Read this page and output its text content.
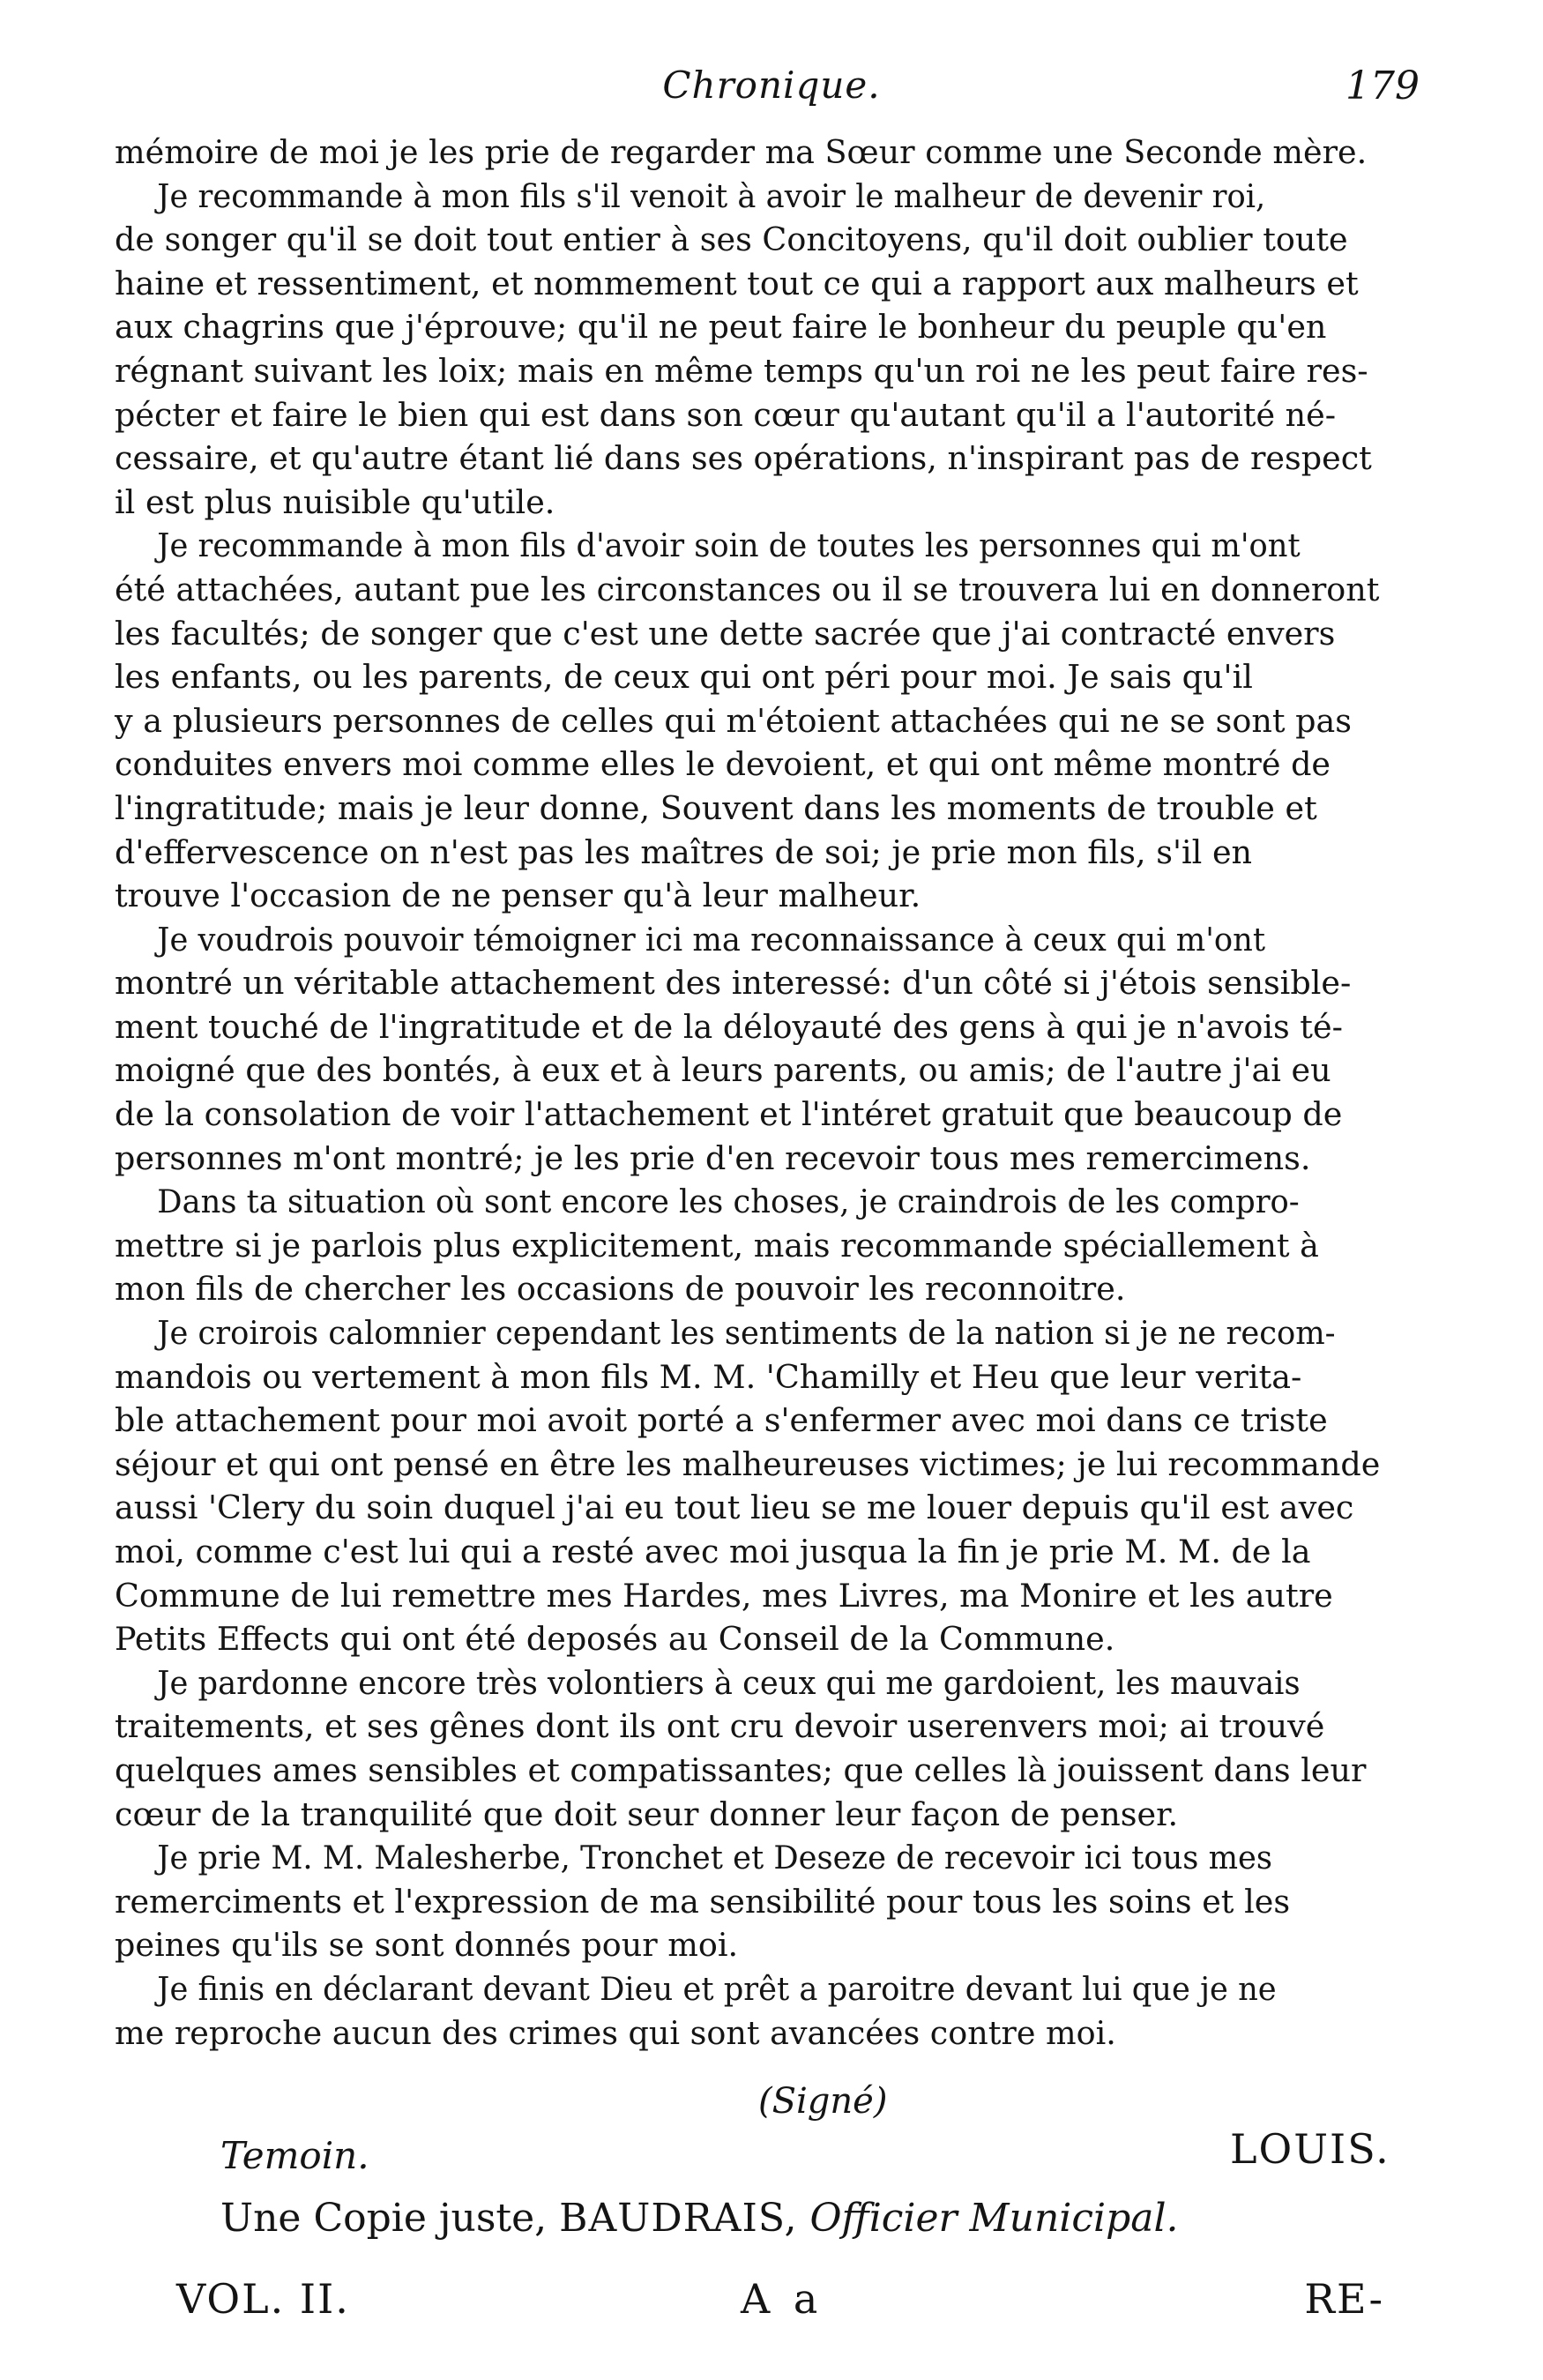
Chronique.	179
mémoire de moi je les prie de regarder ma Sœur comme une Seconde mère.
Je recommande à mon fils s'il venoit à avoir le malheur de devenir roi,
de songer qu'il se doit tout entier à ses Concitoyens, qu'il doit oublier toute
haine et ressentiment, et nommement tout ce qui a rapport aux malheurs et
aux chagrins que j'éprouve; qu'il ne peut faire le bonheur du peuple qu'en
régnant suivant les loix; mais en même temps qu'un roi ne les peut faire res-
pécter et faire le bien qui est dans son cœur qu'autant qu'il a l'autorité né-
cessaire, et qu'autre étant lié dans ses opérations, n'inspirant pas de respect
il est plus nuisible qu'utile.
Je recommande à mon fils d'avoir soin de toutes les personnes qui m'ont
été attachées, autant pue les circonstances ou il se trouvera lui en donneront
les facultés; de songer que c'est une dette sacrée que j'ai contracté envers
les enfants, ou les parents, de ceux qui ont péri pour moi. Je sais qu'il
y a plusieurs personnes de celles qui m'étoient attachées qui ne se sont pas
conduites envers moi comme elles le devoient, et qui ont même montré de
l'ingratitude; mais je leur donne, Souvent dans les moments de trouble et
d'effervescence on n'est pas les maîtres de soi; je prie mon fils, s'il en
trouve l'occasion de ne penser qu'à leur malheur.
Je voudrois pouvoir témoigner ici ma reconnaissance à ceux qui m'ont
montré un véritable attachement des interessé: d'un côté si j'étois sensible-
ment touché de l'ingratitude et de la déloyauté des gens à qui je n'avois té-
moigné que des bontés, à eux et à leurs parents, ou amis; de l'autre j'ai eu
de la consolation de voir l'attachement et l'intéret gratuit que beaucoup de
personnes m'ont montré; je les prie d'en recevoir tous mes remercimens.
Dans ta situation où sont encore les choses, je craindrois de les compro-
mettre si je parlois plus explicitement, mais recommande spéciallement à
mon fils de chercher les occasions de pouvoir les reconnoitre.
Je croirois calomnier cependant les sentiments de la nation si je ne recom-
mandois ou vertement à mon fils M. M. 'Chamilly et Heu que leur verita-
ble attachement pour moi avoit porté a s'enfermer avec moi dans ce triste
séjour et qui ont pensé en être les malheureuses victimes; je lui recommande
aussi 'Clery du soin duquel j'ai eu tout lieu se me louer depuis qu'il est avec
moi, comme c'est lui qui a resté avec moi jusqua la fin je prie M. M. de la
Commune de lui remettre mes Hardes, mes Livres, ma Monire et les autre
Petits Effects qui ont été deposés au Conseil de la Commune.
Je pardonne encore très volontiers à ceux qui me gardoient, les mauvais
traitements, et ses gênes dont ils ont cru devoir userenvers moi; ai trouvé
quelques ames sensibles et compatissantes; que celles là jouissent dans leur
cœur de la tranquilité que doit seur donner leur façon de penser.
Je prie M. M. Malesherbe, Tronchet et Deseze de recevoir ici tous mes
remerciments et l'expression de ma sensibilité pour tous les soins et les
peines qu'ils se sont donnés pour moi.
Je finis en déclarant devant Dieu et prêt a paroitre devant lui que je ne
me reproche aucun des crimes qui sont avancées contre moi.
(Signé)
Temoin.	LOUIS.
Une Copie juste, BAUDRAIS, Officier Municipal.
VOL. II.	A a	RE-
